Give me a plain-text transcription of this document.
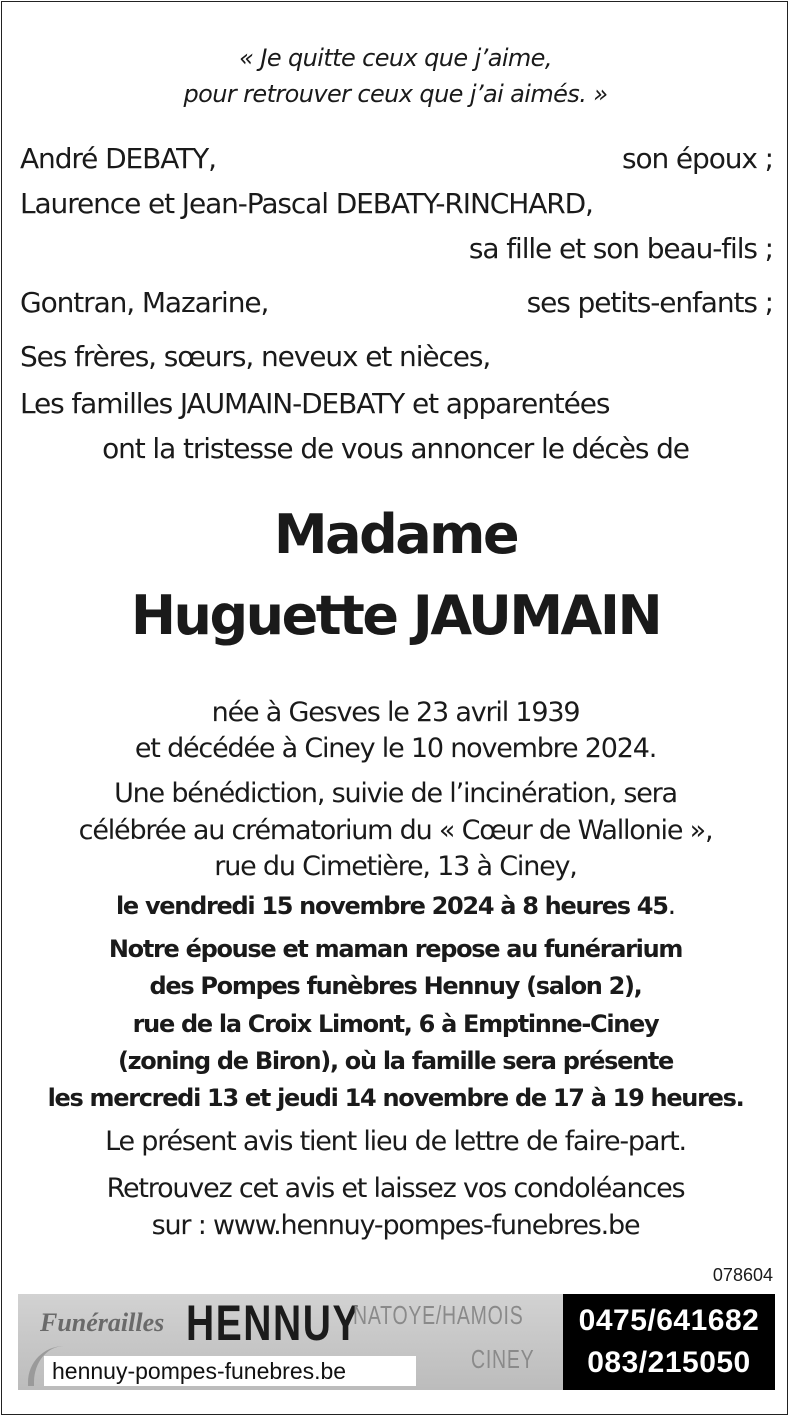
« Je quitte ceux que j’aime,
pour retrouver ceux que j’ai aimés. »
André DEBATY,	son époux ;
Laurence et Jean-Pascal DEBATY-RINCHARD,
sa fille et son beau-fils ;
Gontran, Mazarine,	ses petits-enfants ;
Ses frères, sœurs, neveux et nièces,
Les familles JAUMAIN-DEBATY et apparentées
ont la tristesse de vous annoncer le décès de
Madame
Huguette JAUMAIN
née à Gesves le 23 avril 1939
et décédée à Ciney le 10 novembre 2024.
Une bénédiction, suivie de l’incinération, sera
célébrée au crématorium du « Cœur de Wallonie »,
rue du Cimetière, 13 à Ciney,
le vendredi 15 novembre 2024 à 8 heures 45.
Notre épouse et maman repose au funérarium
des Pompes funèbres Hennuy (salon 2),
rue de la Croix Limont, 6 à Emptinne-Ciney
(zoning de Biron), où la famille sera présente
les mercredi 13 et jeudi 14 novembre de 17 à 19 heures.
Le présent avis tient lieu de lettre de faire-part.
Retrouvez cet avis et laissez vos condoléances
sur : www.hennuy-pompes-funebres.be
078604
Funérailles HENNUY
NATOYE/HAMOIS
CINEY
hennuy-pompes-funebres.be
0475/641682
083/215050
